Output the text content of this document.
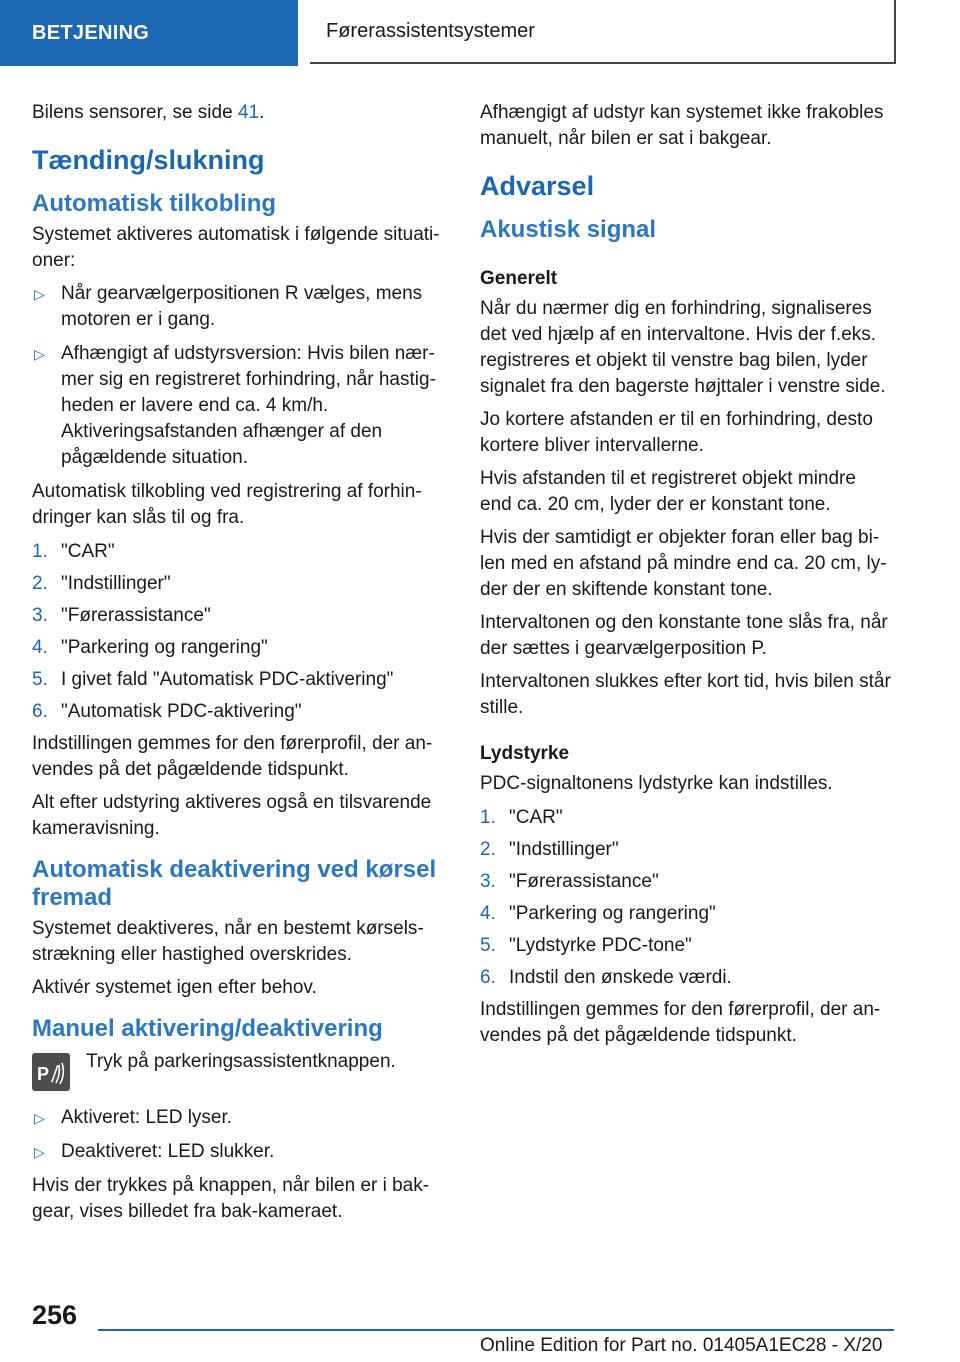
BETJENING	Førerassistentsystemer

Bilens sensorer, se side 41.

Tænding/slukning
Automatisk tilkobling

Systemet aktiveres automatisk i følgende situationer:

▷ Når gearvælgerpositionen R vælges, mens motoren er i gang.
▷ Afhængigt af udstyrsversion: Hvis bilen nærmer sig en registreret forhindring, når hastigheden er lavere end ca. 4 km/h. Aktiveringsafstanden afhænger af den pågældende situation.

Automatisk tilkobling ved registrering af forhindringer kan slås til og fra.

1. "CAR"
2. "Indstillinger"
3. "Førerassistance"
4. "Parkering og rangering"
5. I givet fald "Automatisk PDC-aktivering"
6. "Automatisk PDC-aktivering"

Indstillingen gemmes for den førerprofil, der anvendes på det pågældende tidspunkt.

Alt efter udstyring aktiveres også en tilsvarende kameravisning.

Automatisk deaktivering ved kørsel fremad

Systemet deaktiveres, når en bestemt kørselsstrækning eller hastighed overskrides.

Aktivér systemet igen efter behov.

Manuel aktivering/deaktivering
P
Tryk på parkeringsassistentknappen.
▷ Aktiveret: LED lyser.
▷ Deaktiveret: LED slukker.

Hvis der trykkes på knappen, når bilen er i bakgear, vises billedet fra bak-kameraet.

Afhængigt af udstyr kan systemet ikke frakobles manuelt, når bilen er sat i bakgear.

Advarsel
Akustisk signal
Generelt

Når du nærmer dig en forhindring, signaliseres det ved hjælp af en intervaltone. Hvis der f.eks. registreres et objekt til venstre bag bilen, lyder signalet fra den bagerste højttaler i venstre side.

Jo kortere afstanden er til en forhindring, desto kortere bliver intervallerne.

Hvis afstanden til et registreret objekt mindre end ca. 20 cm, lyder der er konstant tone.

Hvis der samtidigt er objekter foran eller bag bilen med en afstand på mindre end ca. 20 cm, lyder der en skiftende konstant tone.

Intervaltonen og den konstante tone slås fra, når der sættes i gearvælgerposition P.

Intervaltonen slukkes efter kort tid, hvis bilen står stille.

Lydstyrke

PDC-signaltonens lydstyrke kan indstilles.

1. "CAR"
2. "Indstillinger"
3. "Førerassistance"
4. "Parkering og rangering"
5. "Lydstyrke PDC-tone"
6. Indstil den ønskede værdi.

Indstillingen gemmes for den førerprofil, der anvendes på det pågældende tidspunkt.

256
Online Edition for Part no. 01405A1EC28 - X/20
